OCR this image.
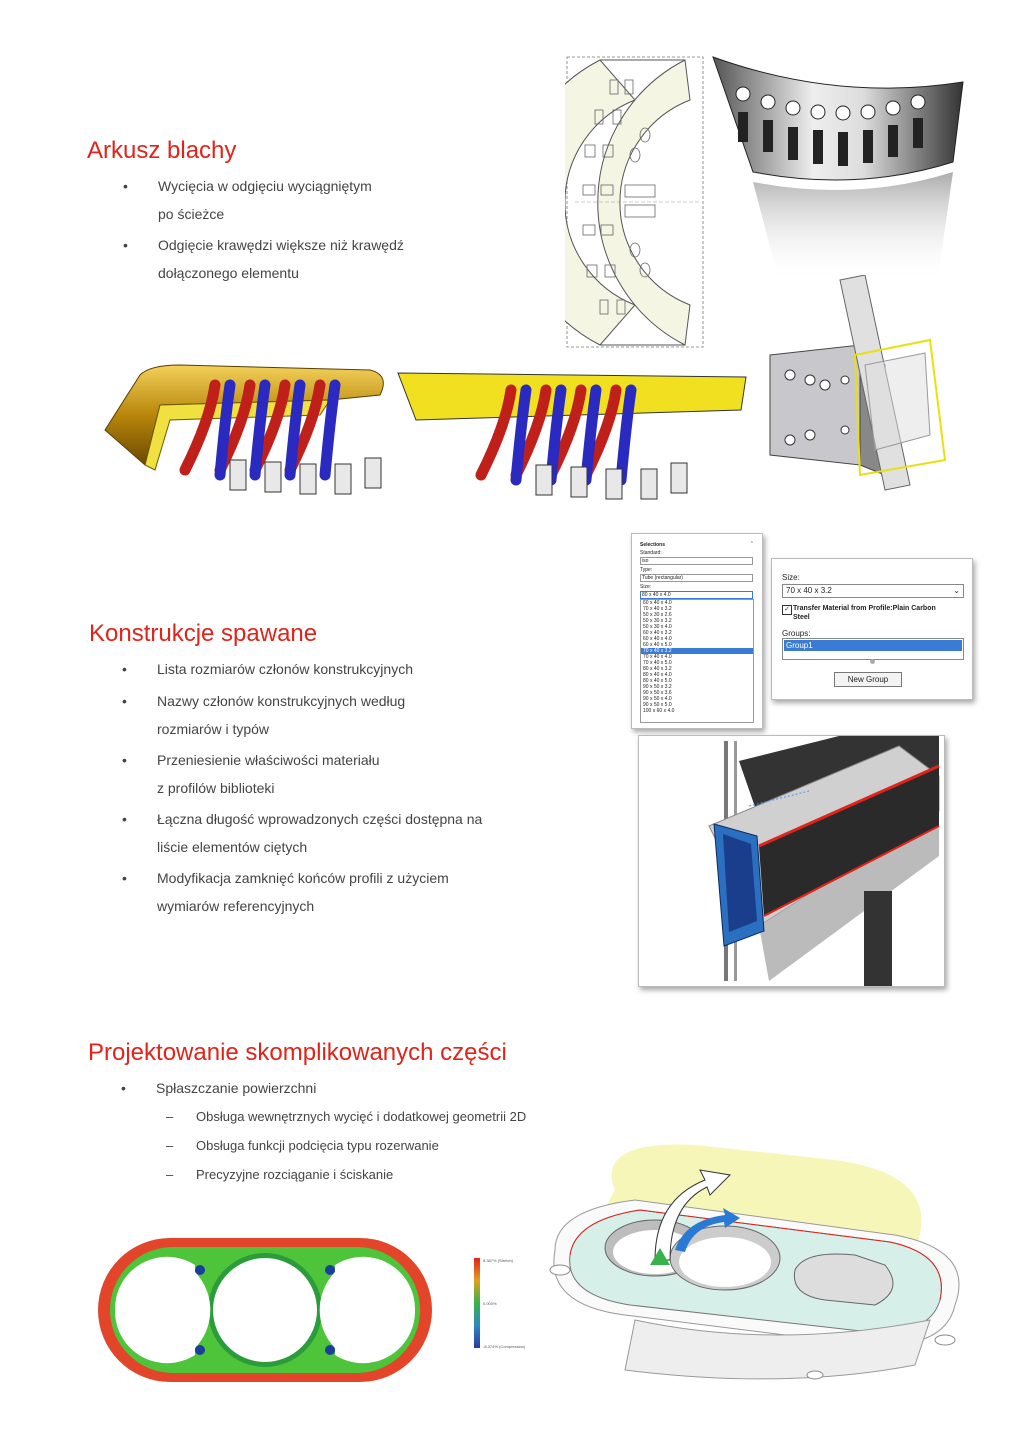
Arkusz blachy
• Wycięcia w odgięciu wyciągniętym
po ścieżce
• Odgięcie krawędzi większe niż krawędź
dołączonego elementu
Konstrukcje spawane
• Lista rozmiarów członów konstrukcyjnych
• Nazwy członów konstrukcyjnych według
rozmiarów i typów
• Przeniesienie właściwości materiału
z profilów biblioteki
• Łączna długość wprowadzonych części dostępna na
liście elementów ciętych
• Modyfikacja zamknięć końców profili z użyciem
wymiarów referencyjnych
Selections	⌃
Standard:
iso
Type:
Tube (rectangular)
Size:
80 x 40 x 4.0
60 x 40 x 4.0
70 x 40 x 3.2
50 x 30 x 2.6
50 x 30 x 3.2
50 x 30 x 4.0
60 x 40 x 3.2
60 x 40 x 4.0
60 x 40 x 5.0
70 x 40 x 3.2
70 x 40 x 4.0
70 x 40 x 5.0
80 x 40 x 3.2
80 x 40 x 4.0
80 x 40 x 5.0
90 x 50 x 3.2
90 x 50 x 3.6
90 x 50 x 4.0
90 x 50 x 5.0
100 x 60 x 4.0
Size:
70 x 40 x 3.2	⌄
✓ Transfer Material from Profile:Plain Carbon Steel
Groups:
Group1
New Group
Projektowanie skomplikowanych części
• Spłaszczanie powierzchni
– Obsługa wewnętrznych wycięć i dodatkowej geometrii 2D
– Obsługa funkcji podcięcia typu rozerwanie
– Precyzyjne rozciąganie i ściskanie
8.387% (Stretch)
0.000%
-8.374% (Compression)
